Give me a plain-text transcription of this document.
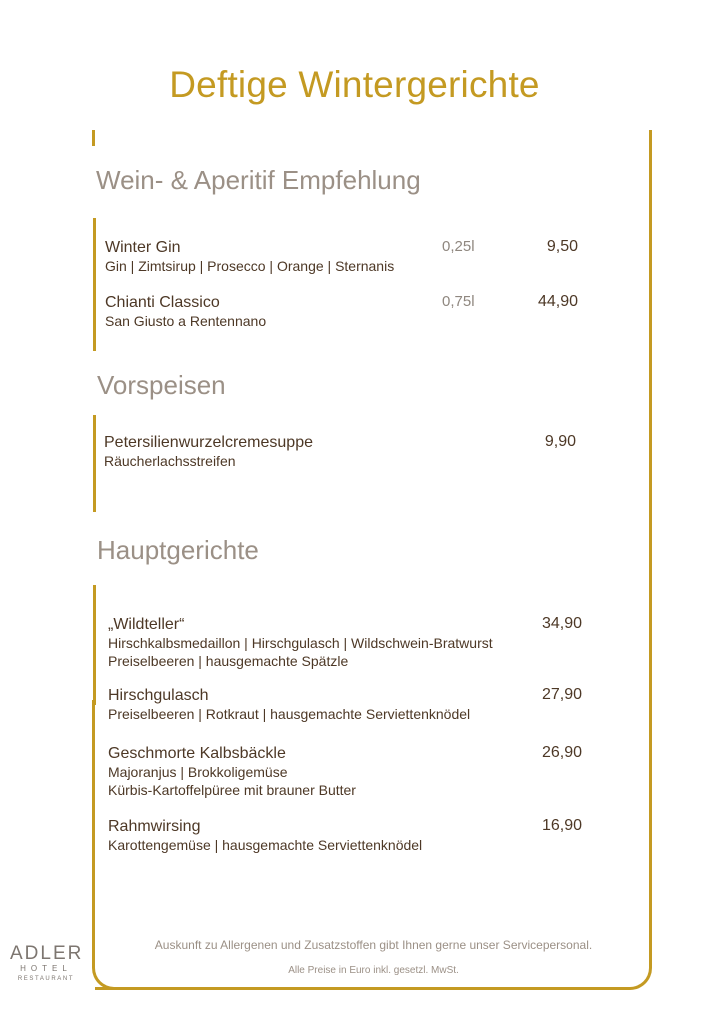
Deftige Wintergerichte
Wein- & Aperitif Empfehlung
Winter Gin
Gin | Zimtsirup | Prosecco | Orange | Sternanis
0,25l	9,50
Chianti Classico
San Giusto a Rentennano
0,75l	44,90
Vorspeisen
Petersilienwurzelcremesuppe
Räucherlachsstreifen
9,90
Hauptgerichte
„Wildteller“
Hirschkalbsmedaillon | Hirschgulasch | Wildschwein-Bratwurst
Preiselbeeren | hausgemachte Spätzle
34,90
Hirschgulasch
Preiselbeeren | Rotkraut | hausgemachte Serviettenknödel
27,90
Geschmorte Kalbsbäckle
Majoranjus | Brokkoligemüse
Kürbis-Kartoffelpüree mit brauner Butter
26,90
Rahmwirsing
Karottengemüse | hausgemachte Serviettenknödel
16,90
Auskunft zu Allergenen und Zusatzstoffen gibt Ihnen gerne unser Servicepersonal.
Alle Preise in Euro inkl. gesetzl. MwSt.
ADLER
HOTEL
RESTAURANT
